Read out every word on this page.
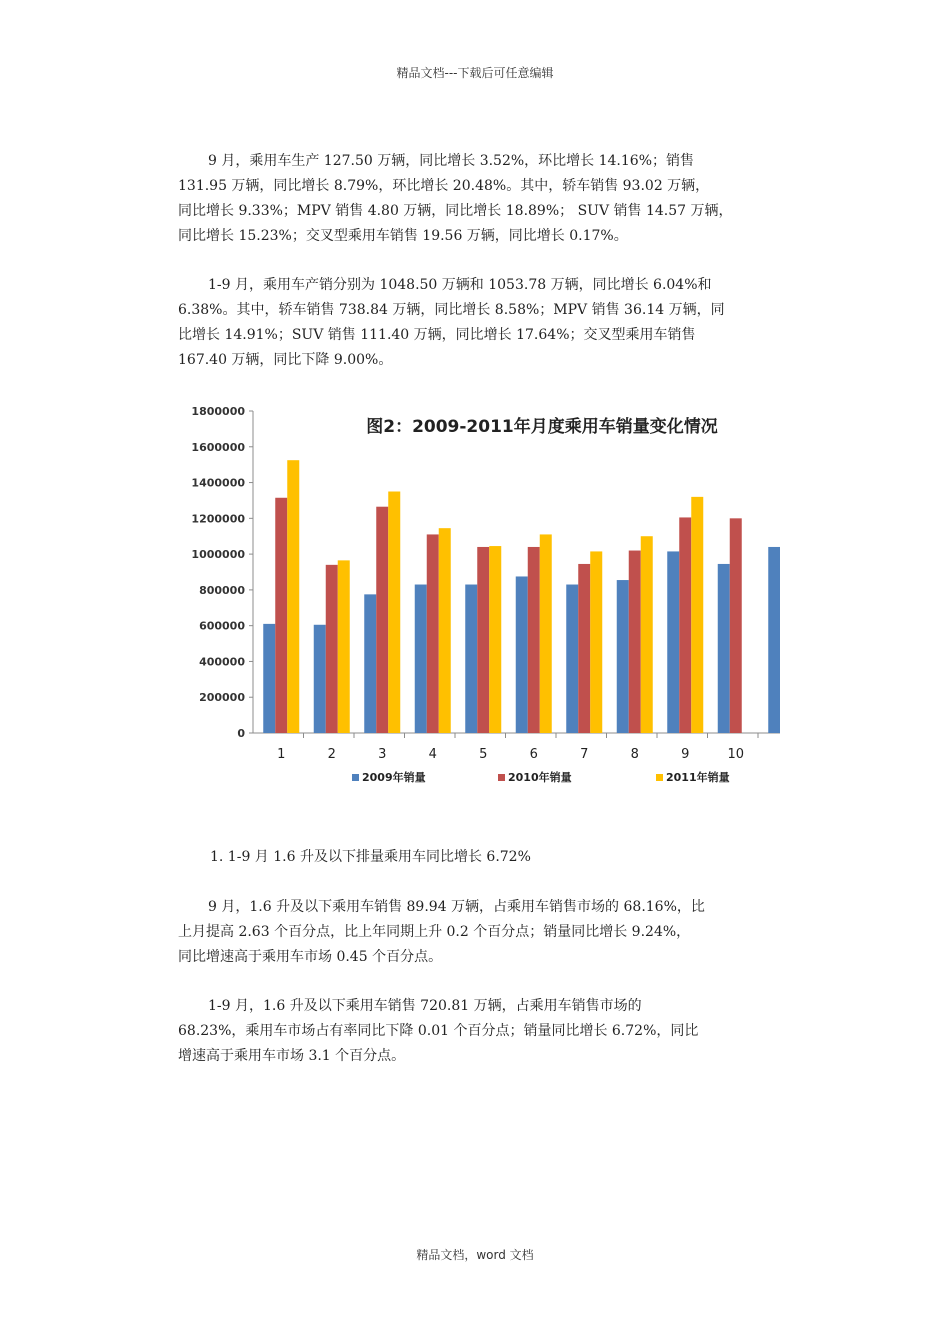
精品文档---下载后可任意编辑
9 月，乘用车生产 127.50 万辆，同比增长 3.52%，环比增长 14.16%；销售
131.95 万辆，同比增长 8.79%，环比增长 20.48%。其中，轿车销售 93.02 万辆，
同比增长 9.33%；MPV 销售 4.80 万辆，同比增长 18.89%； SUV 销售 14.57 万辆，
同比增长 15.23%；交叉型乘用车销售 19.56 万辆，同比增长 0.17%。
1-9 月，乘用车产销分别为 1048.50 万辆和 1053.78 万辆，同比增长 6.04%和
6.38%。其中，轿车销售 738.84 万辆，同比增长 8.58%；MPV 销售 36.14 万辆，同
比增长 14.91%；SUV 销售 111.40 万辆，同比增长 17.64%；交叉型乘用车销售
167.40 万辆，同比下降 9.00%。
0
200000
400000
600000
800000
1000000
1200000
1400000
1600000
1800000
1	2	3	4	5	6	7	8	9	10
图2：2009-2011年月度乘用车销量变化情况
2009年销量	2010年销量	2011年销量
1. 1-9 月 1.6 升及以下排量乘用车同比增长 6.72%
9 月，1.6 升及以下乘用车销售 89.94 万辆，占乘用车销售市场的 68.16%，比
上月提高 2.63 个百分点，比上年同期上升 0.2 个百分点；销量同比增长 9.24%，
同比增速高于乘用车市场 0.45 个百分点。
1-9 月，1.6 升及以下乘用车销售 720.81 万辆，占乘用车销售市场的
68.23%，乘用车市场占有率同比下降 0.01 个百分点；销量同比增长 6.72%，同比
增速高于乘用车市场 3.1 个百分点。
精品文档，word 文档
